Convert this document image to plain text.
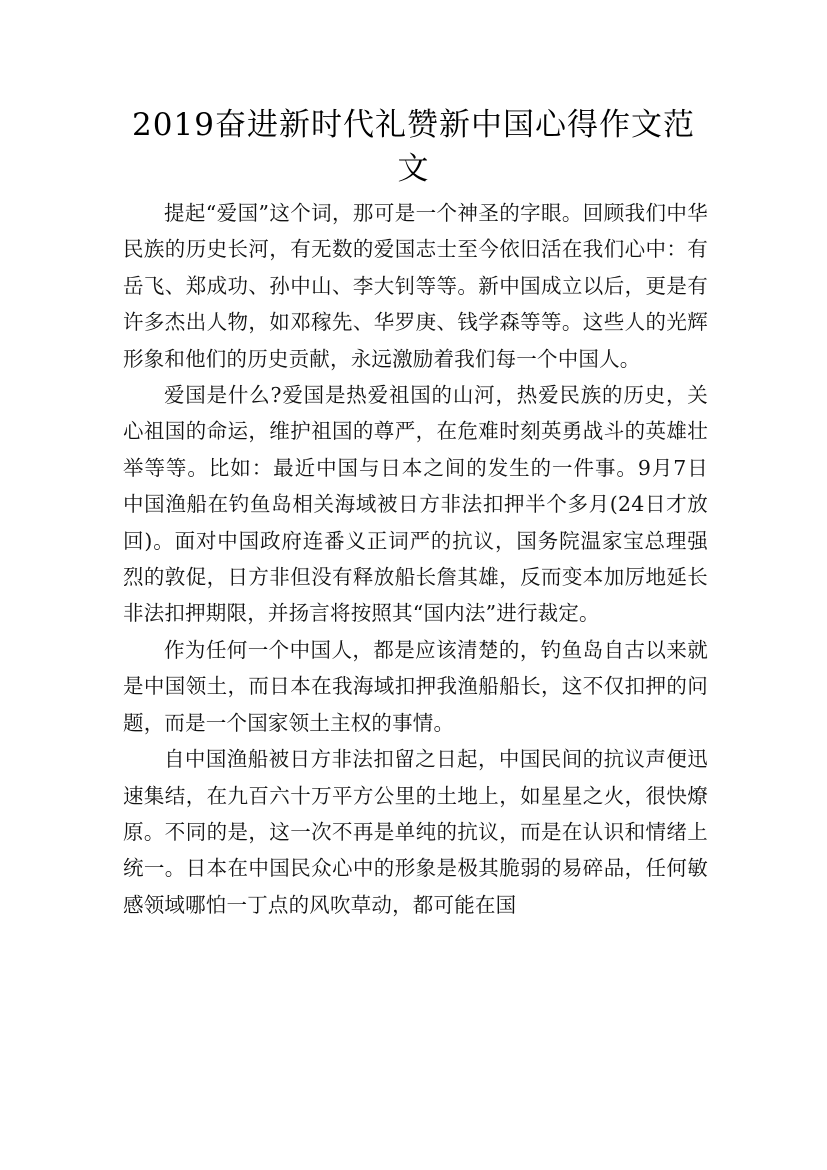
2019奋进新时代礼赞新中国心得作文范文

提起“爱国”这个词，那可是一个神圣的字眼。回顾我们中华民族的历史长河，有无数的爱国志士至今依旧活在我们心中：有岳飞、郑成功、孙中山、李大钊等等。新中国成立以后，更是有许多杰出人物，如邓稼先、华罗庚、钱学森等等。这些人的光辉形象和他们的历史贡献，永远激励着我们每一个中国人。

爱国是什么?爱国是热爱祖国的山河，热爱民族的历史，关心祖国的命运，维护祖国的尊严，在危难时刻英勇战斗的英雄壮举等等。比如：最近中国与日本之间的发生的一件事。9月7日中国渔船在钓鱼岛相关海域被日方非法扣押半个多月(24日才放回)。面对中国政府连番义正词严的抗议，国务院温家宝总理强烈的敦促，日方非但没有释放船长詹其雄，反而变本加厉地延长非法扣押期限，并扬言将按照其“国内法”进行裁定。

作为任何一个中国人，都是应该清楚的，钓鱼岛自古以来就是中国领土，而日本在我海域扣押我渔船船长，这不仅扣押的问题，而是一个国家领土主权的事情。

自中国渔船被日方非法扣留之日起，中国民间的抗议声便迅速集结，在九百六十万平方公里的土地上，如星星之火，很快燎原。不同的是，这一次不再是单纯的抗议，而是在认识和情绪上统一。日本在中国民众心中的形象是极其脆弱的易碎品，任何敏感领域哪怕一丁点的风吹草动，都可能在国
